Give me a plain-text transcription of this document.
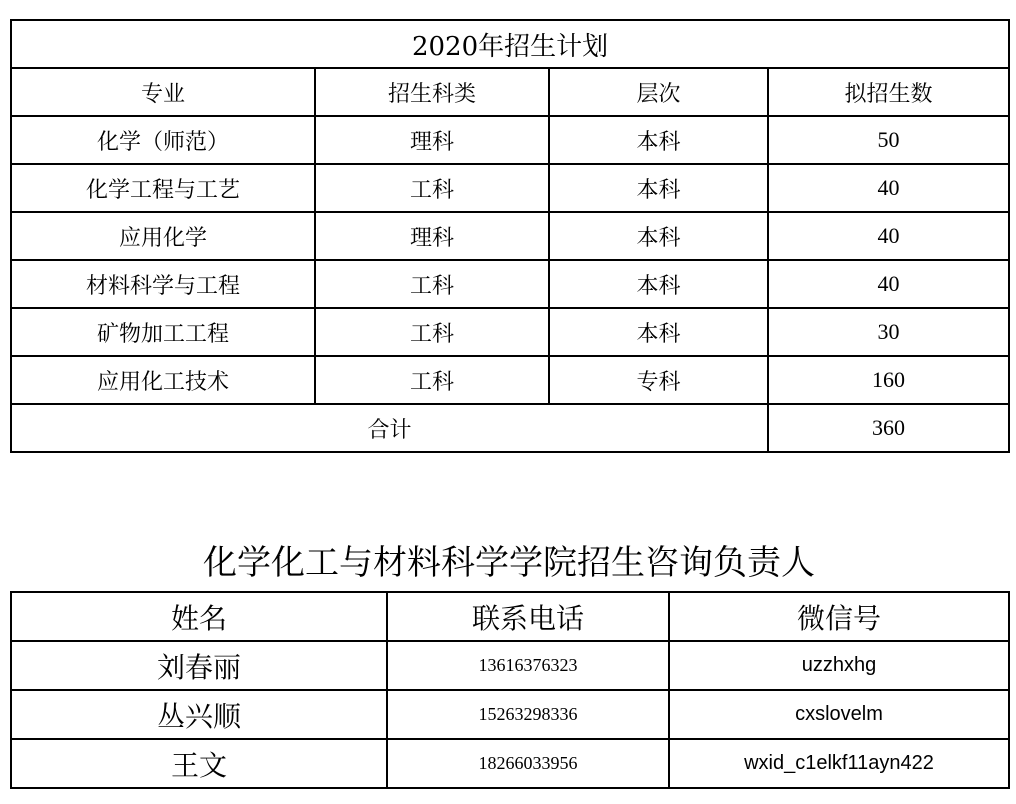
2020年招生计划			
专业	招生科类	层次	拟招生数
化学（师范）	理科	本科	50
化学工程与工艺	工科	本科	40
应用化学	理科	本科	40
材料科学与工程	工科	本科	40
矿物加工工程	工科	本科	30
应用化工技术	工科	专科	160
合计			360
化学化工与材料科学学院招生咨询负责人
姓名	联系电话	微信号
刘春丽	13616376323	uzzhxhg
丛兴顺	15263298336	cxslovelm
王文	18266033956	wxid_c1elkf11ayn422
